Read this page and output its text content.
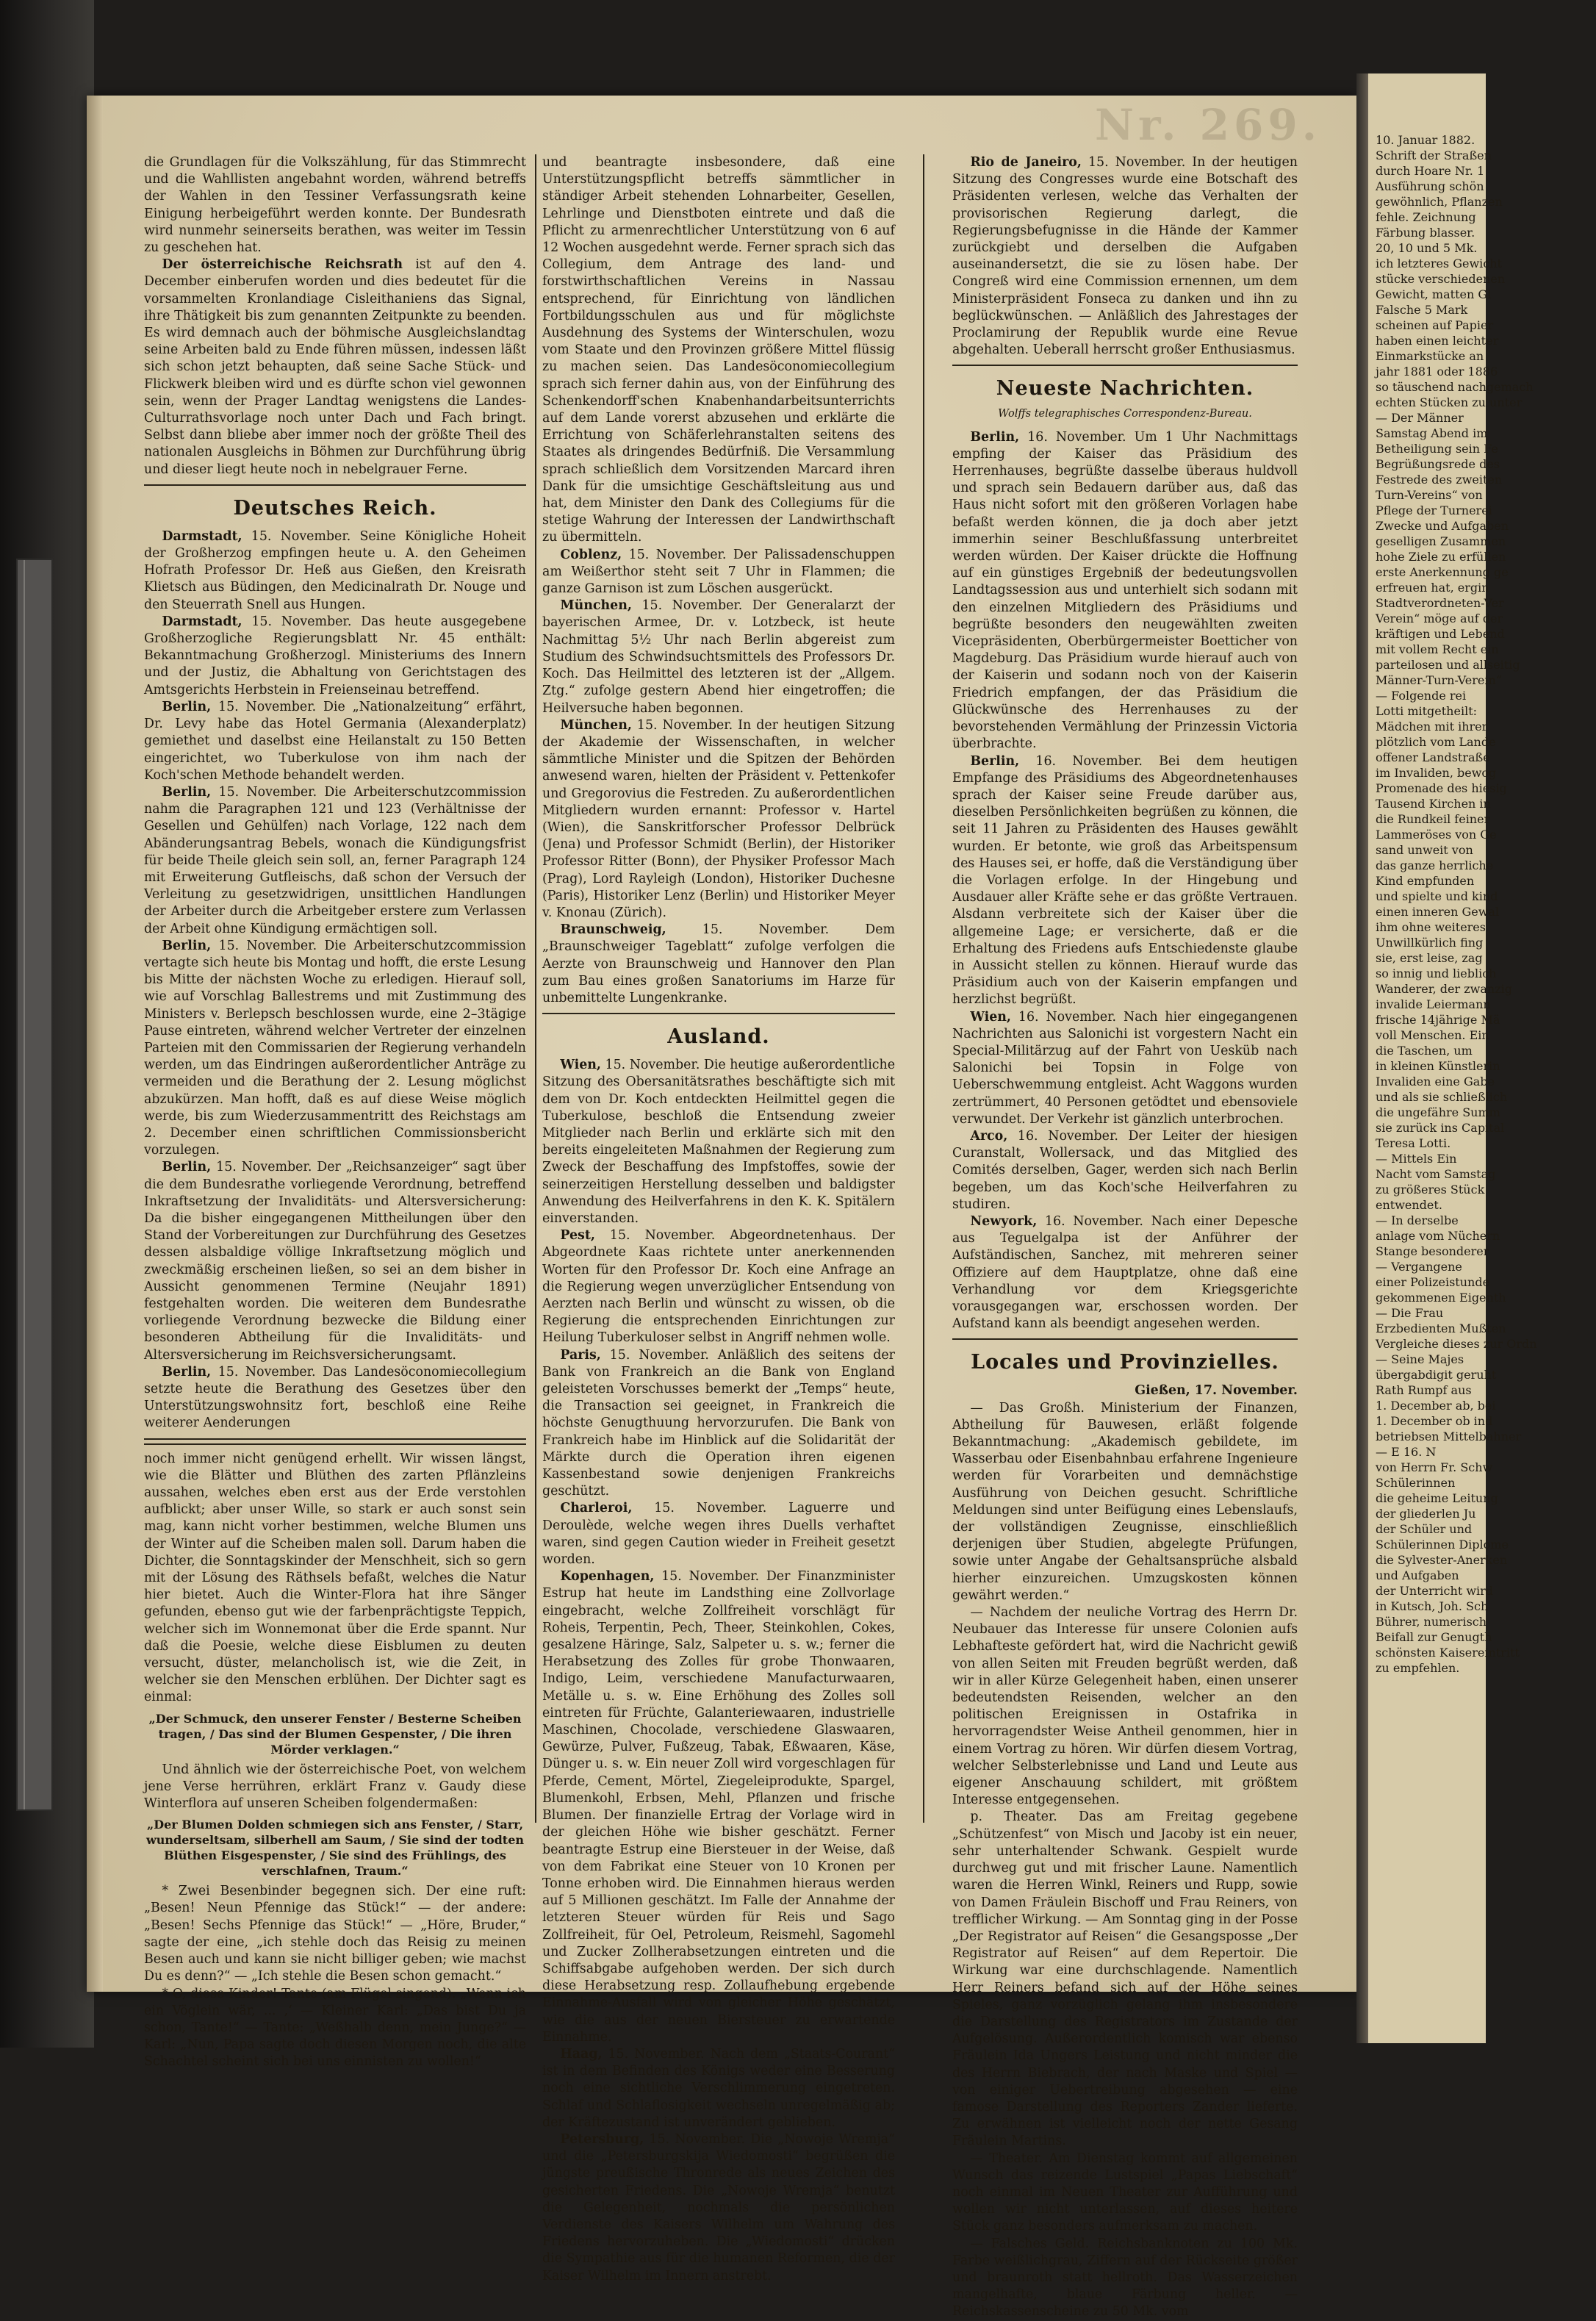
Nr. 269.	10. Januar 1882.
Schrift der Straßen
durch Hoare Nr. 1
Ausführung schön
gewöhnlich, Pflanzen
fehle. Zeichnung
Färbung blasser.
20, 10 und 5 Mk.
ich letzteres Gewicht
stücke verschiedenen
Gewicht, matten Gl
Falsche 5 Mark
scheinen auf Papier
haben einen leichter
Einmarkstücke an
jahr 1881 oder 1886
so täuschend nachgemach
echten Stücken zu unter
— Der Männer
Samstag Abend im
Betheiligung sein Fe
Begrüßungsrede des
Festrede des zweiten
Turn-Vereins“ von
Pflege der Turnerei
Zwecke und Aufgaben
geselligen Zusammen
hohe Ziele zu erfüllen
erste Anerkennung ge
erfreuen hat, ergin
Stadtverordneten-Ver
Verein“ möge auf der
kräftigen und Lebend
mit vollem Recht ein
parteilosen und allseitig
Männer-Turn-Verein“
— Folgende rei
Lotti mitgetheilt:
Mädchen mit ihrer
plötzlich vom Lande
offener Landstraße
im Invaliden, bewog
Promenade des hiesig
Tausend Kirchen in
die Rundkeil feiner
Lammeröses von Ge
sand unweit von
das ganze herrliche
Kind empfunden
und spielte und kind
einen inneren Gewal
ihm ohne weiteres
Unwillkürlich fing
sie, erst leise, zag
so innig und lieblich
Wanderer, der zwanzig
invalide Leiermann
frische 14jährige Mä
voll Menschen. Ein
die Taschen, um
in kleinen Künstlerin
Invaliden eine Gabe
und als sie schließlich
die ungefähre Summ
sie zurück ins Capital
Teresa Lotti.
— Mittels Ein
Nacht vom Samstag
zu größeres Stück
entwendet.
— In derselbe
anlage vom Nüchern
Stange besonderer
— Vergangene
einer Polizeistunde
gekommenen Eigenth
— Die Frau
Erzbedienten Mußten
Vergleiche dieses zur Ordn
— Seine Majes
übergabdigit geruht
Rath Rumpf aus
1. December ab, bei
1. December ob ind
betriebsen Mittelbahner
— E 16. N
von Herrn Fr. Schw
Schülerinnen
die geheime Leitung
der gliederlen Ju
der Schüler und
Schülerinnen Diplome
die Sylvester-Anerken
und Aufgaben
der Unterricht wird
in Kutsch, Joh. Sch
Bührer, numerisch
Beifall zur Genugth
schönsten Kaisereintritt
zu empfehlen.

die Grundlagen für die Volkszählung, für das Stimmrecht und die Wahllisten angebahnt worden, während betreffs der Wahlen in den Tessiner Verfassungsrath keine Einigung herbeigeführt werden konnte. Der Bundesrath wird nunmehr seinerseits berathen, was weiter im Tessin zu geschehen hat.

Der österreichische Reichsrath ist auf den 4. December einberufen worden und dies bedeutet für die vorsammelten Kronlandiage Cisleithaniens das Signal, ihre Thätigkeit bis zum genannten Zeitpunkte zu beenden. Es wird demnach auch der böhmische Ausgleichslandtag seine Arbeiten bald zu Ende führen müssen, indessen läßt sich schon jetzt behaupten, daß seine Sache Stück- und Flickwerk bleiben wird und es dürfte schon viel gewonnen sein, wenn der Prager Landtag wenigstens die Landes-Culturrathsvorlage noch unter Dach und Fach bringt. Selbst dann bliebe aber immer noch der größte Theil des nationalen Ausgleichs in Böhmen zur Durchführung übrig und dieser liegt heute noch in nebelgrauer Ferne.

Deutsches Reich.

Darmstadt, 15. November. Seine Königliche Hoheit der Großherzog empfingen heute u. A. den Geheimen Hofrath Professor Dr. Heß aus Gießen, den Kreisrath Klietsch aus Büdingen, den Medicinalrath Dr. Nouge und den Steuerrath Snell aus Hungen.

Darmstadt, 15. November. Das heute ausgegebene Großherzogliche Regierungsblatt Nr. 45 enthält: Bekanntmachung Großherzogl. Ministeriums des Innern und der Justiz, die Abhaltung von Gerichtstagen des Amtsgerichts Herbstein in Freienseinau betreffend.

Berlin, 15. November. Die „Nationalzeitung“ erfährt, Dr. Levy habe das Hotel Germania (Alexanderplatz) gemiethet und daselbst eine Heilanstalt zu 150 Betten eingerichtet, wo Tuberkulose von ihm nach der Koch'schen Methode behandelt werden.

Berlin, 15. November. Die Arbeiterschutzcommission nahm die Paragraphen 121 und 123 (Verhältnisse der Gesellen und Gehülfen) nach Vorlage, 122 nach dem Abänderungsantrag Bebels, wonach die Kündigungsfrist für beide Theile gleich sein soll, an, ferner Paragraph 124 mit Erweiterung Gutfleischs, daß schon der Versuch der Verleitung zu gesetzwidrigen, unsittlichen Handlungen der Arbeiter durch die Arbeitgeber erstere zum Verlassen der Arbeit ohne Kündigung ermächtigen soll.

Berlin, 15. November. Die Arbeiterschutzcommission vertagte sich heute bis Montag und hofft, die erste Lesung bis Mitte der nächsten Woche zu erledigen. Hierauf soll, wie auf Vorschlag Ballestrems und mit Zustimmung des Ministers v. Berlepsch beschlossen wurde, eine 2–3tägige Pause eintreten, während welcher Vertreter der einzelnen Parteien mit den Commissarien der Regierung verhandeln werden, um das Eindringen außerordentlicher Anträge zu vermeiden und die Berathung der 2. Lesung möglichst abzukürzen. Man hofft, daß es auf diese Weise möglich werde, bis zum Wiederzusammentritt des Reichstags am 2. December einen schriftlichen Commissionsbericht vorzulegen.

Berlin, 15. November. Der „Reichsanzeiger“ sagt über die dem Bundesrathe vorliegende Verordnung, betreffend Inkraftsetzung der Invaliditäts- und Altersversicherung: Da die bisher eingegangenen Mittheilungen über den Stand der Vorbereitungen zur Durchführung des Gesetzes dessen alsbaldige völlige Inkraftsetzung möglich und zweckmäßig erscheinen ließen, so sei an dem bisher in Aussicht genommenen Termine (Neujahr 1891) festgehalten worden. Die weiteren dem Bundesrathe vorliegende Verordnung bezwecke die Bildung einer besonderen Abtheilung für die Invaliditäts- und Altersversicherung im Reichsversicherungsamt.

Berlin, 15. November. Das Landesöconomiecollegium setzte heute die Berathung des Gesetzes über den Unterstützungswohnsitz fort, beschloß eine Reihe weiterer Aenderungen

noch immer nicht genügend erhellt. Wir wissen längst, wie die Blätter und Blüthen des zarten Pflänzleins aussahen, welches eben erst aus der Erde verstohlen aufblickt; aber unser Wille, so stark er auch sonst sein mag, kann nicht vorher bestimmen, welche Blumen uns der Winter auf die Scheiben malen soll. Darum haben die Dichter, die Sonntagskinder der Menschheit, sich so gern mit der Lösung des Räthsels befaßt, welches die Natur hier bietet. Auch die Winter-Flora hat ihre Sänger gefunden, ebenso gut wie der farbenprächtigste Teppich, welcher sich im Wonnemonat über die Erde spannt. Nur daß die Poesie, welche diese Eisblumen zu deuten versucht, düster, melancholisch ist, wie die Zeit, in welcher sie den Menschen erblühen. Der Dichter sagt es einmal:

„Der Schmuck, den unserer Fenster / Besterne Scheiben tragen, / Das sind der Blumen Gespenster, / Die ihren Mörder verklagen.“

Und ähnlich wie der österreichische Poet, von welchem jene Verse herrühren, erklärt Franz v. Gaudy diese Winterflora auf unseren Scheiben folgendermaßen:

„Der Blumen Dolden schmiegen sich ans Fenster, / Starr, wunderseltsam, silberhell am Saum, / Sie sind der todten Blüthen Eisgespenster, / Sie sind des Frühlings, des verschlafnen, Traum.“

* Zwei Besenbinder begegnen sich. Der eine ruft: „Besen! Neun Pfennige das Stück!“ — der andere: „Besen! Sechs Pfennige das Stück!“ — „Höre, Bruder,“ sagte der eine, „ich stehle doch das Reisig zu meinen Besen auch und kann sie nicht billiger geben; wie machst Du es denn?“ — „Ich stehle die Besen schon gemacht.“

* O, diese Kinder! Tante (am Flügel singend): „Wenn ich ein Vöglein wär, ... ‚‘ — Kleiner Karl: „Das bist Du ja schon, Tante!“ — Tante: „Weßhalb denn, mein Junge?“ — Karl: „Nun, Papa sagte doch diesen Morgen noch, die alte Schachtel scheint sich bei uns einnisten zu wollen!“

und beantragte insbesondere, daß eine Unterstützungspflicht betreffs sämmtlicher in ständiger Arbeit stehenden Lohnarbeiter, Gesellen, Lehrlinge und Dienstboten eintrete und daß die Pflicht zu armenrechtlicher Unterstützung von 6 auf 12 Wochen ausgedehnt werde. Ferner sprach sich das Collegium, dem Antrage des land- und forstwirthschaftlichen Vereins in Nassau entsprechend, für Einrichtung von ländlichen Fortbildungsschulen aus und für möglichste Ausdehnung des Systems der Winterschulen, wozu vom Staate und den Provinzen größere Mittel flüssig zu machen seien. Das Landesöconomiecollegium sprach sich ferner dahin aus, von der Einführung des Schenkendorff'schen Knabenhandarbeitsunterrichts auf dem Lande vorerst abzusehen und erklärte die Errichtung von Schäferlehranstalten seitens des Staates als dringendes Bedürfniß. Die Versammlung sprach schließlich dem Vorsitzenden Marcard ihren Dank für die umsichtige Geschäftsleitung aus und hat, dem Minister den Dank des Collegiums für die stetige Wahrung der Interessen der Landwirthschaft zu übermitteln.

Coblenz, 15. November. Der Palissadenschuppen am Weißerthor steht seit 7 Uhr in Flammen; die ganze Garnison ist zum Löschen ausgerückt.

München, 15. November. Der Generalarzt der bayerischen Armee, Dr. v. Lotzbeck, ist heute Nachmittag 5½ Uhr nach Berlin abgereist zum Studium des Schwindsuchtsmittels des Professors Dr. Koch. Das Heilmittel des letzteren ist der „Allgem. Ztg.“ zufolge gestern Abend hier eingetroffen; die Heilversuche haben begonnen.

München, 15. November. In der heutigen Sitzung der Akademie der Wissenschaften, in welcher sämmtliche Minister und die Spitzen der Behörden anwesend waren, hielten der Präsident v. Pettenkofer und Gregorovius die Festreden. Zu außerordentlichen Mitgliedern wurden ernannt: Professor v. Hartel (Wien), die Sanskritforscher Professor Delbrück (Jena) und Professor Schmidt (Berlin), der Historiker Professor Ritter (Bonn), der Physiker Professor Mach (Prag), Lord Rayleigh (London), Historiker Duchesne (Paris), Historiker Lenz (Berlin) und Historiker Meyer v. Knonau (Zürich).

Braunschweig, 15. November. Dem „Braunschweiger Tageblatt“ zufolge verfolgen die Aerzte von Braunschweig und Hannover den Plan zum Bau eines großen Sanatoriums im Harze für unbemittelte Lungenkranke.

Ausland.

Wien, 15. November. Die heutige außerordentliche Sitzung des Obersanitätsrathes beschäftigte sich mit dem von Dr. Koch entdeckten Heilmittel gegen die Tuberkulose, beschloß die Entsendung zweier Mitglieder nach Berlin und erklärte sich mit den bereits eingeleiteten Maßnahmen der Regierung zum Zweck der Beschaffung des Impfstoffes, sowie der seinerzeitigen Herstellung desselben und baldigster Anwendung des Heilverfahrens in den K. K. Spitälern einverstanden.

Pest, 15. November. Abgeordnetenhaus. Der Abgeordnete Kaas richtete unter anerkennenden Worten für den Professor Dr. Koch eine Anfrage an die Regierung wegen unverzüglicher Entsendung von Aerzten nach Berlin und wünscht zu wissen, ob die Regierung die entsprechenden Einrichtungen zur Heilung Tuberkuloser selbst in Angriff nehmen wolle.

Paris, 15. November. Anläßlich des seitens der Bank von Frankreich an die Bank von England geleisteten Vorschusses bemerkt der „Temps“ heute, die Transaction sei geeignet, in Frankreich die höchste Genugthuung hervorzurufen. Die Bank von Frankreich habe im Hinblick auf die Solidarität der Märkte durch die Operation ihren eigenen Kassenbestand sowie denjenigen Frankreichs geschützt.

Charleroi, 15. November. Laguerre und Deroulède, welche wegen ihres Duells verhaftet waren, sind gegen Caution wieder in Freiheit gesetzt worden.

Kopenhagen, 15. November. Der Finanzminister Estrup hat heute im Landsthing eine Zollvorlage eingebracht, welche Zollfreiheit vorschlägt für Roheis, Terpentin, Pech, Theer, Steinkohlen, Cokes, gesalzene Häringe, Salz, Salpeter u. s. w.; ferner die Herabsetzung des Zolles für grobe Thonwaaren, Indigo, Leim, verschiedene Manufacturwaaren, Metälle u. s. w. Eine Erhöhung des Zolles soll eintreten für Früchte, Galanteriewaaren, industrielle Maschinen, Chocolade, verschiedene Glaswaaren, Gewürze, Pulver, Fußzeug, Tabak, Eßwaaren, Käse, Dünger u. s. w. Ein neuer Zoll wird vorgeschlagen für Pferde, Cement, Mörtel, Ziegeleiprodukte, Spargel, Blumenkohl, Erbsen, Mehl, Pflanzen und frische Blumen. Der finanzielle Ertrag der Vorlage wird in der gleichen Höhe wie bisher geschätzt. Ferner beantragte Estrup eine Biersteuer in der Weise, daß von dem Fabrikat eine Steuer von 10 Kronen per Tonne erhoben wird. Die Einnahmen hieraus werden auf 5 Millionen geschätzt. Im Falle der Annahme der letzteren Steuer würden für Reis und Sago Zollfreiheit, für Oel, Petroleum, Reismehl, Sagomehl und Zucker Zollherabsetzungen eintreten und die Schiffsabgabe aufgehoben werden. Der sich durch diese Herabsetzung resp. Zollaufhebung ergebende Einnahme-Ausfall wird von gleicher Höhe geschätzt, wie die aus der neuen Biersteuer zu erwartende Einnahme.

Haag, 15. November. Nach dem „Staats-Courant“ ist in dem Befinden des Königs weder eine Besserung noch eine sichtliche Verschlimmerung eingetreten. Schlaf und Schlaflosigkeit wechseln unregelmäßig ab; der Kräftezustand ist unverändert geblieben.

Petersburg, 15. November. Die „Nowoje Wremja“ und die „Petersburgskija Wiedomosti“ begrüßen die jüngste preußische Thronrede als neues Zeichen des gesicherten Friedens. Die „Nowoje Wremja“ benutzt die Gelegenheit, nochmals die persönlichen Verdienste des Kaisers Wilhelm um Wahrung des Friedens hervorzuheben. Die „Wiedomosti“ drücken die Sympathie aus für die humanen Reformen, die der Kaiser Wilhelm im Innern anstrebt.

Rio de Janeiro, 15. November. In der heutigen Sitzung des Congresses wurde eine Botschaft des Präsidenten verlesen, welche das Verhalten der provisorischen Regierung darlegt, die Regierungsbefugnisse in die Hände der Kammer zurückgiebt und derselben die Aufgaben auseinandersetzt, die sie zu lösen habe. Der Congreß wird eine Commission ernennen, um dem Ministerpräsident Fonseca zu danken und ihn zu beglückwünschen. — Anläßlich des Jahrestages der Proclamirung der Republik wurde eine Revue abgehalten. Ueberall herrscht großer Enthusiasmus.

Neueste Nachrichten.
Wolffs telegraphisches Correspondenz-Bureau.

Berlin, 16. November. Um 1 Uhr Nachmittags empfing der Kaiser das Präsidium des Herrenhauses, begrüßte dasselbe überaus huldvoll und sprach sein Bedauern darüber aus, daß das Haus nicht sofort mit den größeren Vorlagen habe befaßt werden können, die ja doch aber jetzt immerhin seiner Beschlußfassung unterbreitet werden würden. Der Kaiser drückte die Hoffnung auf ein günstiges Ergebniß der bedeutungsvollen Landtagssession aus und unterhielt sich sodann mit den einzelnen Mitgliedern des Präsidiums und begrüßte besonders den neugewählten zweiten Vicepräsidenten, Oberbürgermeister Boetticher von Magdeburg. Das Präsidium wurde hierauf auch von der Kaiserin und sodann noch von der Kaiserin Friedrich empfangen, der das Präsidium die Glückwünsche des Herrenhauses zu der bevorstehenden Vermählung der Prinzessin Victoria überbrachte.

Berlin, 16. November. Bei dem heutigen Empfange des Präsidiums des Abgeordnetenhauses sprach der Kaiser seine Freude darüber aus, dieselben Persönlichkeiten begrüßen zu können, die seit 11 Jahren zu Präsidenten des Hauses gewählt wurden. Er betonte, wie groß das Arbeitspensum des Hauses sei, er hoffe, daß die Verständigung über die Vorlagen erfolge. In der Hingebung und Ausdauer aller Kräfte sehe er das größte Vertrauen. Alsdann verbreitete sich der Kaiser über die allgemeine Lage; er versicherte, daß er die Erhaltung des Friedens aufs Entschiedenste glaube in Aussicht stellen zu können. Hierauf wurde das Präsidium auch von der Kaiserin empfangen und herzlichst begrüßt.

Wien, 16. November. Nach hier eingegangenen Nachrichten aus Salonichi ist vorgestern Nacht ein Special-Militärzug auf der Fahrt von Uesküb nach Salonichi bei Topsin in Folge von Ueberschwemmung entgleist. Acht Waggons wurden zertrümmert, 40 Personen getödtet und ebensoviele verwundet. Der Verkehr ist gänzlich unterbrochen.

Arco, 16. November. Der Leiter der hiesigen Curanstalt, Wollersack, und das Mitglied des Comités derselben, Gager, werden sich nach Berlin begeben, um das Koch'sche Heilverfahren zu studiren.

Newyork, 16. November. Nach einer Depesche aus Teguelgalpa ist der Anführer der Aufständischen, Sanchez, mit mehreren seiner Offiziere auf dem Hauptplatze, ohne daß eine Verhandlung vor dem Kriegsgerichte vorausgegangen war, erschossen worden. Der Aufstand kann als beendigt angesehen werden.

Locales und Provinzielles.
Gießen, 17. November.

— Das Großh. Ministerium der Finanzen, Abtheilung für Bauwesen, erläßt folgende Bekanntmachung: „Akademisch gebildete, im Wasserbau oder Eisenbahnbau erfahrene Ingenieure werden für Vorarbeiten und demnächstige Ausführung von Deichen gesucht. Schriftliche Meldungen sind unter Beifügung eines Lebenslaufs, der vollständigen Zeugnisse, einschließlich derjenigen über Studien, abgelegte Prüfungen, sowie unter Angabe der Gehaltsansprüche alsbald hierher einzureichen. Umzugskosten können gewährt werden.“

— Nachdem der neuliche Vortrag des Herrn Dr. Neubauer das Interesse für unsere Colonien aufs Lebhafteste gefördert hat, wird die Nachricht gewiß von allen Seiten mit Freuden begrüßt werden, daß wir in aller Kürze Gelegenheit haben, einen unserer bedeutendsten Reisenden, welcher an den politischen Ereignissen in Ostafrika in hervorragendster Weise Antheil genommen, hier in einem Vortrag zu hören. Wir dürfen diesem Vortrag, welcher Selbsterlebnisse und Land und Leute aus eigener Anschauung schildert, mit größtem Interesse entgegensehen.

p. Theater. Das am Freitag gegebene „Schützenfest“ von Misch und Jacoby ist ein neuer, sehr unterhaltender Schwank. Gespielt wurde durchweg gut und mit frischer Laune. Namentlich waren die Herren Winkl, Reiners und Rupp, sowie von Damen Fräulein Bischoff und Frau Reiners, von trefflicher Wirkung. — Am Sonntag ging in der Posse „Der Registrator auf Reisen“ die Gesangsposse „Der Registrator auf Reisen“ auf dem Repertoir. Die Wirkung war eine durchschlagende. Namentlich Herr Reiners befand sich auf der Höhe seines Spieles, ganz vorzüglich gelang ihm insbesondere die Darstellung des Registrators im Zustande der Aufgelösung. Außerordentlich komisch war ebenso Fräulein Ida Ungers Leistung und nicht minder die des Herrn Biebrach, der nach Maske und Spiel — von einiger Uebertreibung abgesehen — eine famose Darstellung des Reporters Zander lieferte. Zu erwähnen ist vielleicht noch der nette Gesang Fräulein Martins.

— Theater. Am Dienstag kommt auf allgemeinen Wunsch das reizende Lustspiel „Papas Liebschaft“ noch einmal im Neuen Theater zur Aufführung und wollen wir nicht unterlassen, auf dieses heitere Stück ganz besonders aufmerksam zu machen.

— Falsches Geld. Reichsbanknoten zu 100 Mk. Farbe weißlichgrau, Ziffern auf der Rückseite größer und braunroth statt hellroth. Das Wasserzeichen mangelhafte, blaue Färbung heller. — Reichskassenscheine zu 50 Mk. vom
